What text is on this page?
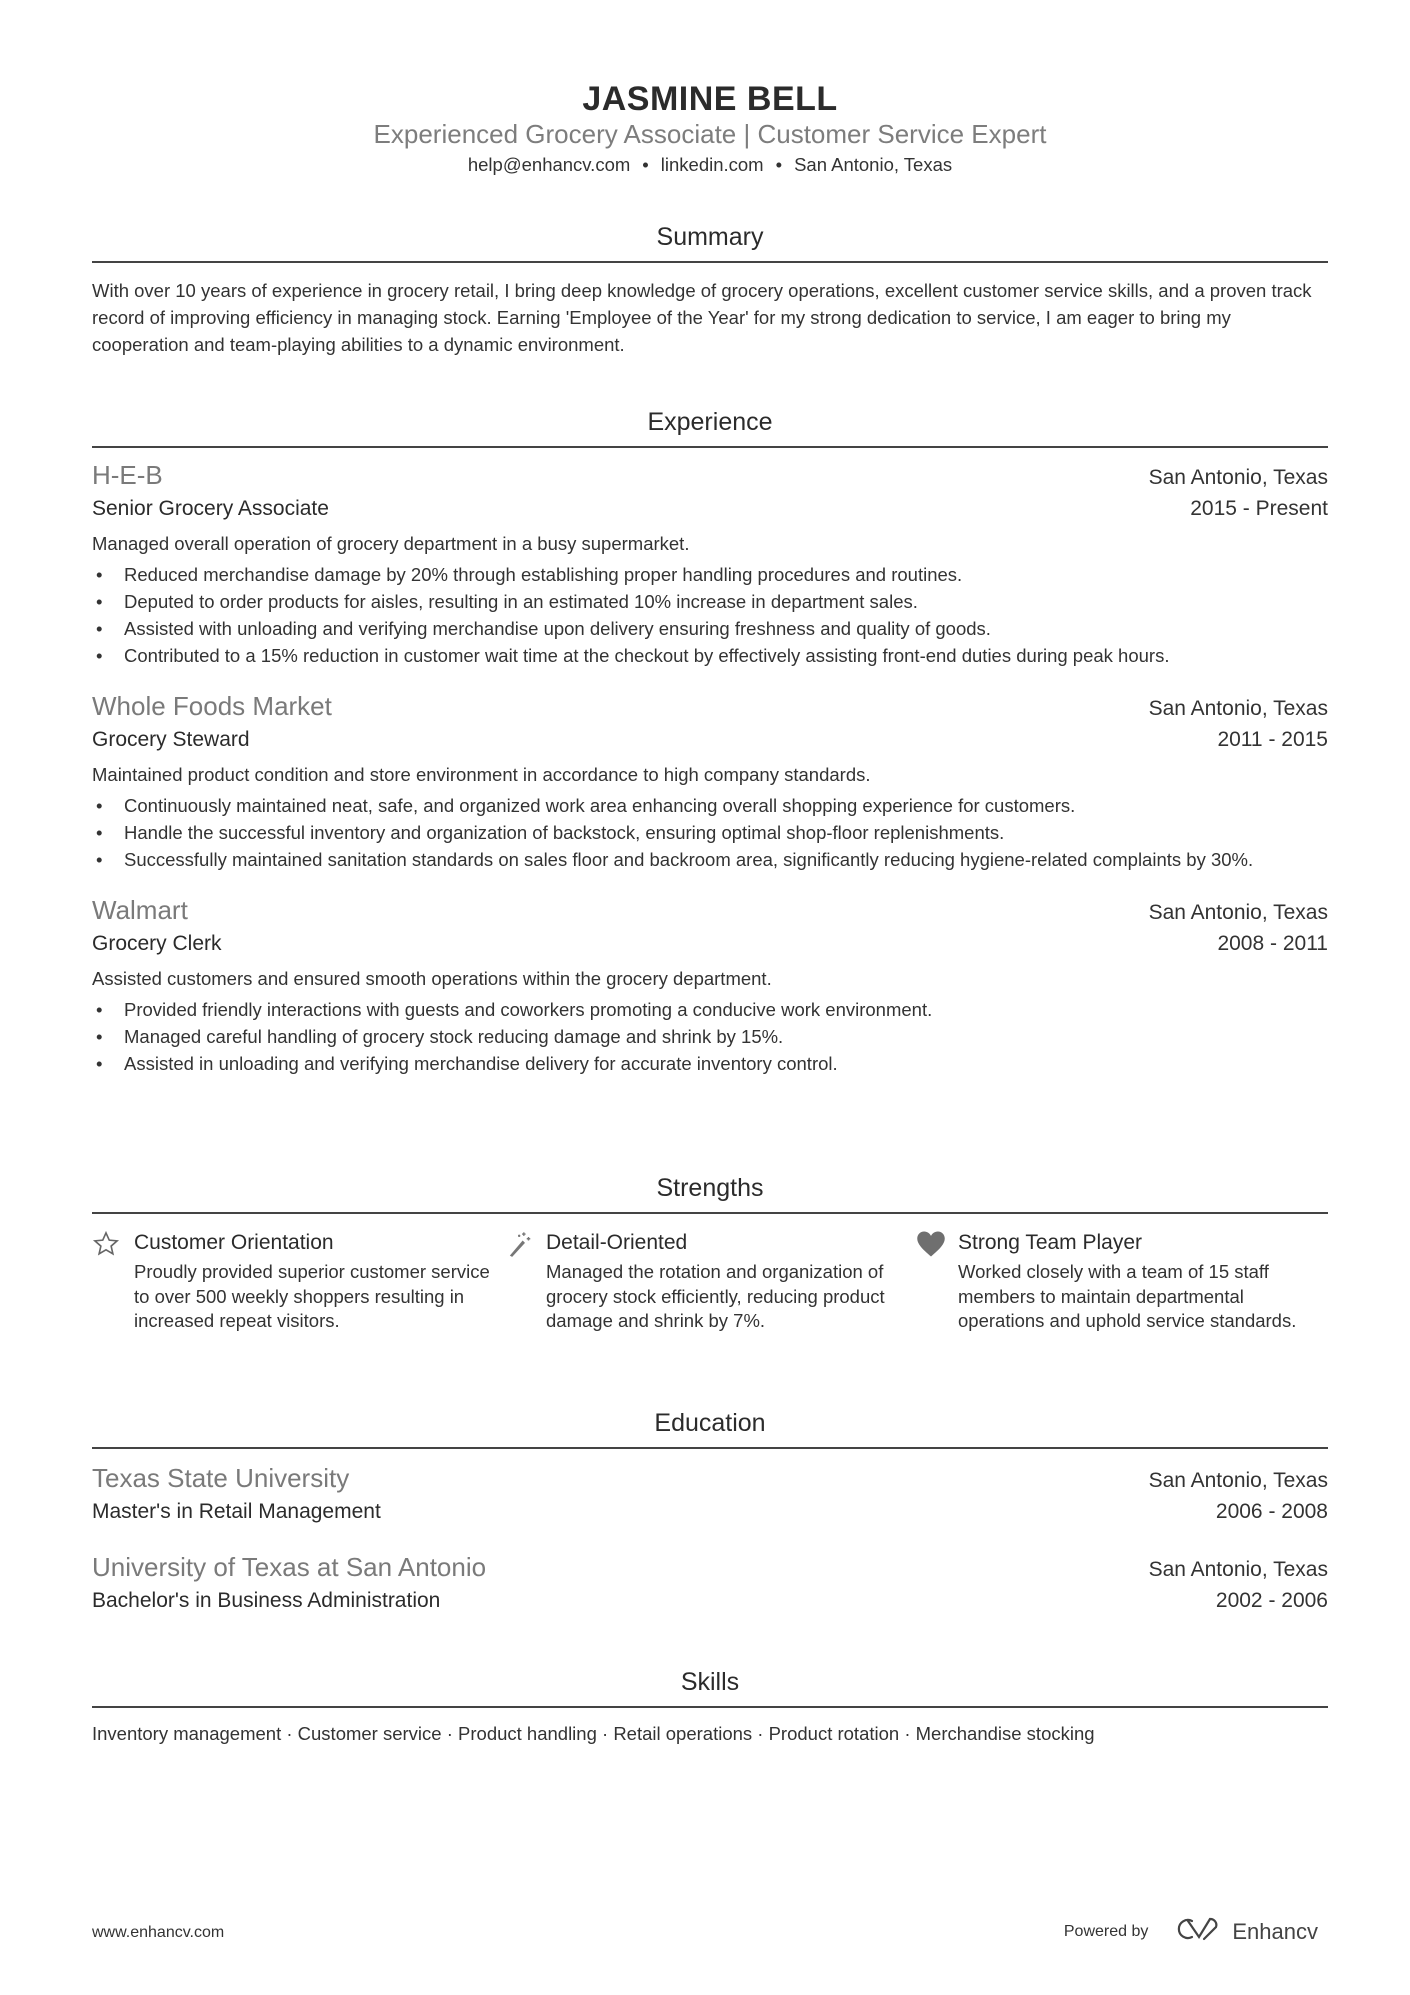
JASMINE BELL
Experienced Grocery Associate | Customer Service Expert
help@enhancv.com • linkedin.com • San Antonio, Texas
Summary
With over 10 years of experience in grocery retail, I bring deep knowledge of grocery operations, excellent customer service skills, and a proven track record of improving efficiency in managing stock. Earning 'Employee of the Year' for my strong dedication to service, I am eager to bring my cooperation and team-playing abilities to a dynamic environment.
Experience
H-E-B	San Antonio, Texas
Senior Grocery Associate	2015 - Present
Managed overall operation of grocery department in a busy supermarket.
• Reduced merchandise damage by 20% through establishing proper handling procedures and routines.
• Deputed to order products for aisles, resulting in an estimated 10% increase in department sales.
• Assisted with unloading and verifying merchandise upon delivery ensuring freshness and quality of goods.
• Contributed to a 15% reduction in customer wait time at the checkout by effectively assisting front-end duties during peak hours.
Whole Foods Market	San Antonio, Texas
Grocery Steward	2011 - 2015
Maintained product condition and store environment in accordance to high company standards.
• Continuously maintained neat, safe, and organized work area enhancing overall shopping experience for customers.
• Handle the successful inventory and organization of backstock, ensuring optimal shop-floor replenishments.
• Successfully maintained sanitation standards on sales floor and backroom area, significantly reducing hygiene-related complaints by 30%.
Walmart	San Antonio, Texas
Grocery Clerk	2008 - 2011
Assisted customers and ensured smooth operations within the grocery department.
• Provided friendly interactions with guests and coworkers promoting a conducive work environment.
• Managed careful handling of grocery stock reducing damage and shrink by 15%.
• Assisted in unloading and verifying merchandise delivery for accurate inventory control.
Strengths
Customer Orientation
Proudly provided superior customer service to over 500 weekly shoppers resulting in increased repeat visitors.
Detail-Oriented
Managed the rotation and organization of grocery stock efficiently, reducing product damage and shrink by 7%.
Strong Team Player
Worked closely with a team of 15 staff members to maintain departmental operations and uphold service standards.
Education
Texas State University	San Antonio, Texas
Master's in Retail Management	2006 - 2008
University of Texas at San Antonio	San Antonio, Texas
Bachelor's in Business Administration	2002 - 2006
Skills
Inventory management · Customer service · Product handling · Retail operations · Product rotation · Merchandise stocking
www.enhancv.com	Powered by	Enhancv
